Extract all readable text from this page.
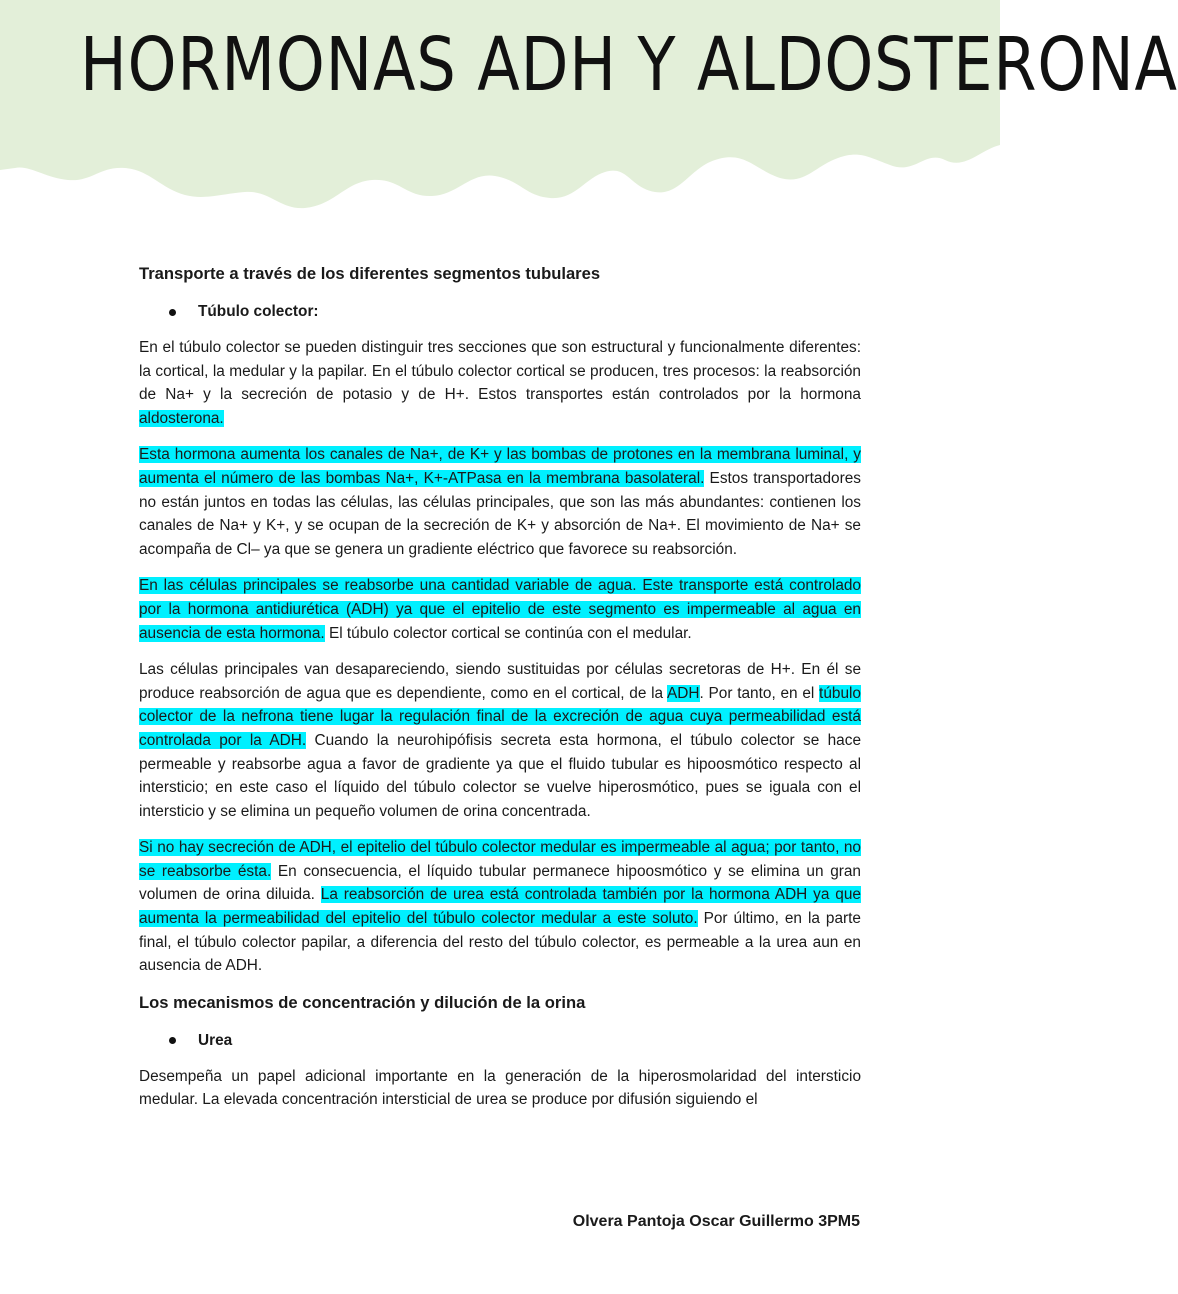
HORMONAS ADH Y ALDOSTERONA
Transporte a través de los diferentes segmentos tubulares
Túbulo colector:

En el túbulo colector se pueden distinguir tres secciones que son estructural y funcionalmente diferentes: la cortical, la medular y la papilar. En el túbulo colector cortical se producen, tres procesos: la reabsorción de Na+ y la secreción de potasio y de H+. Estos transportes están controlados por la hormona aldosterona.

Esta hormona aumenta los canales de Na+, de K+ y las bombas de protones en la membrana luminal, y aumenta el número de las bombas Na+, K+-ATPasa en la membrana basolateral. Estos transportadores no están juntos en todas las células, las células principales, que son las más abundantes: contienen los canales de Na+ y K+, y se ocupan de la secreción de K+ y absorción de Na+. El movimiento de Na+ se acompaña de Cl– ya que se genera un gradiente eléctrico que favorece su reabsorción.

En las células principales se reabsorbe una cantidad variable de agua. Este transporte está controlado por la hormona antidiurética (ADH) ya que el epitelio de este segmento es impermeable al agua en ausencia de esta hormona. El túbulo colector cortical se continúa con el medular.

Las células principales van desapareciendo, siendo sustituidas por células secretoras de H+. En él se produce reabsorción de agua que es dependiente, como en el cortical, de la ADH. Por tanto, en el túbulo colector de la nefrona tiene lugar la regulación final de la excreción de agua cuya permeabilidad está controlada por la ADH. Cuando la neurohipófisis secreta esta hormona, el túbulo colector se hace permeable y reabsorbe agua a favor de gradiente ya que el fluido tubular es hipoosmótico respecto al intersticio; en este caso el líquido del túbulo colector se vuelve hiperosmótico, pues se iguala con el intersticio y se elimina un pequeño volumen de orina concentrada.

Si no hay secreción de ADH, el epitelio del túbulo colector medular es impermeable al agua; por tanto, no se reabsorbe ésta. En consecuencia, el líquido tubular permanece hipoosmótico y se elimina un gran volumen de orina diluida. La reabsorción de urea está controlada también por la hormona ADH ya que aumenta la permeabilidad del epitelio del túbulo colector medular a este soluto. Por último, en la parte final, el túbulo colector papilar, a diferencia del resto del túbulo colector, es permeable a la urea aun en ausencia de ADH.

Los mecanismos de concentración y dilución de la orina
Urea

Desempeña un papel adicional importante en la generación de la hiperosmolaridad del intersticio medular. La elevada concentración intersticial de urea se produce por difusión siguiendo el

Olvera Pantoja Oscar Guillermo 3PM5
